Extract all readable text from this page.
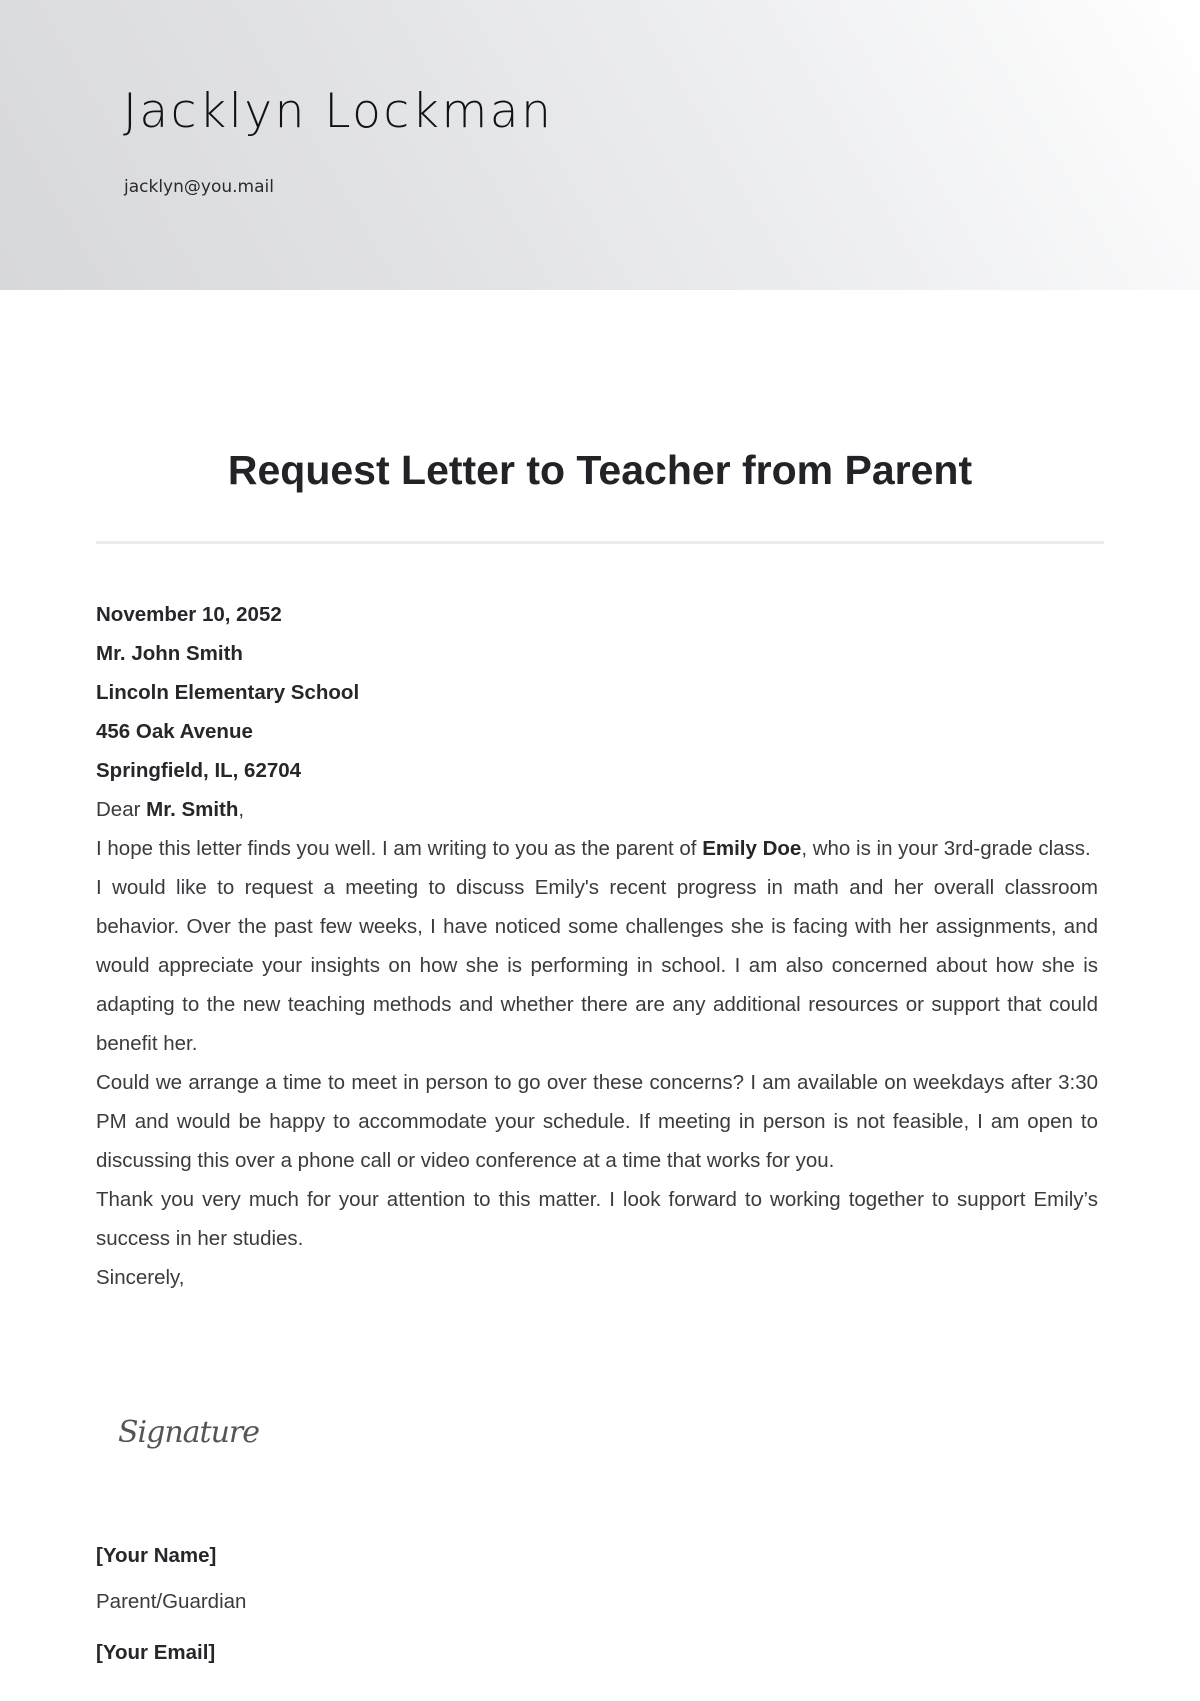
Jacklyn Lockman
jacklyn@you.mail
Request Letter to Teacher from Parent

November 10, 2052

Mr. John Smith

Lincoln Elementary School

456 Oak Avenue

Springfield, IL, 62704

Dear Mr. Smith,

I hope this letter finds you well. I am writing to you as the parent of Emily Doe, who is in your 3rd-grade class.

I would like to request a meeting to discuss Emily's recent progress in math and her overall classroom behavior. Over the past few weeks, I have noticed some challenges she is facing with her assignments, and would appreciate your insights on how she is performing in school. I am also concerned about how she is adapting to the new teaching methods and whether there are any additional resources or support that could benefit her.

Could we arrange a time to meet in person to go over these concerns? I am available on weekdays after 3:30 PM and would be happy to accommodate your schedule. If meeting in person is not feasible, I am open to discussing this over a phone call or video conference at a time that works for you.

Thank you very much for your attention to this matter. I look forward to working together to support Emily’s success in her studies.

Sincerely,

Signature
[Your Name]
Parent/Guardian
[Your Email]
